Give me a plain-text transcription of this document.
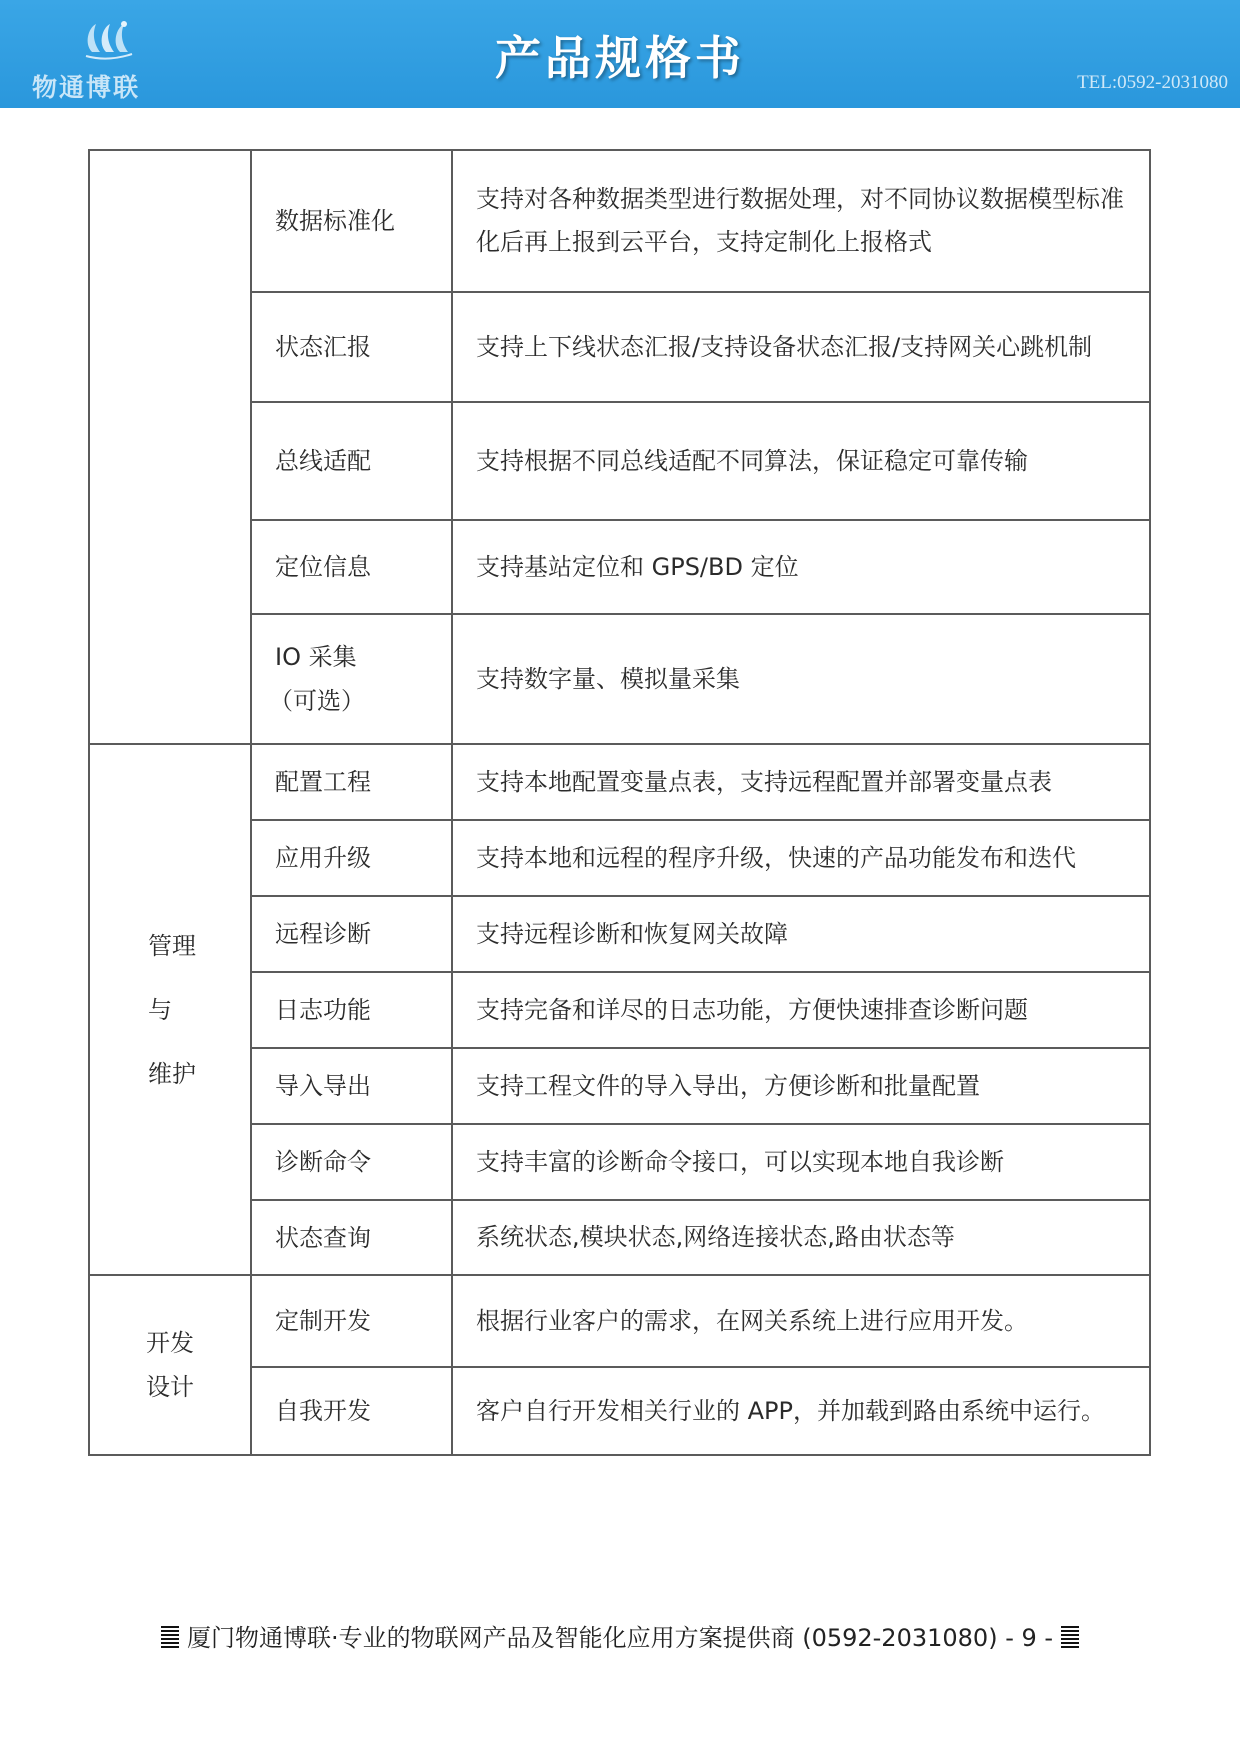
物通博联
产品规格书	TEL:0592-2031080
	数据标准化	支持对各种数据类型进行数据处理，对不同协议数据模型标准化后再上报到云平台，支持定制化上报格式
	状态汇报	支持上下线状态汇报/支持设备状态汇报/支持网关心跳机制
	总线适配	支持根据不同总线适配不同算法，保证稳定可靠传输
	定位信息	支持基站定位和 GPS/BD 定位

	IO 采集
（可选）	支持数字量、模拟量采集

管理
与
维护	配置工程	支持本地配置变量点表，支持远程配置并部署变量点表
	应用升级	支持本地和远程的程序升级，快速的产品功能发布和迭代
	远程诊断	支持远程诊断和恢复网关故障
	日志功能	支持完备和详尽的日志功能，方便快速排查诊断问题
	导入导出	支持工程文件的导入导出，方便诊断和批量配置
	诊断命令	支持丰富的诊断命令接口，可以实现本地自我诊断
	状态查询	系统状态,模块状态,网络连接状态,路由状态等

开发
设计	定制开发	根据行业客户的需求，在网关系统上进行应用开发。
	自我开发	客户自行开发相关行业的 APP，并加载到路由系统中运行。
厦门物通博联·专业的物联网产品及智能化应用方案提供商 (0592-2031080) - 9 -
